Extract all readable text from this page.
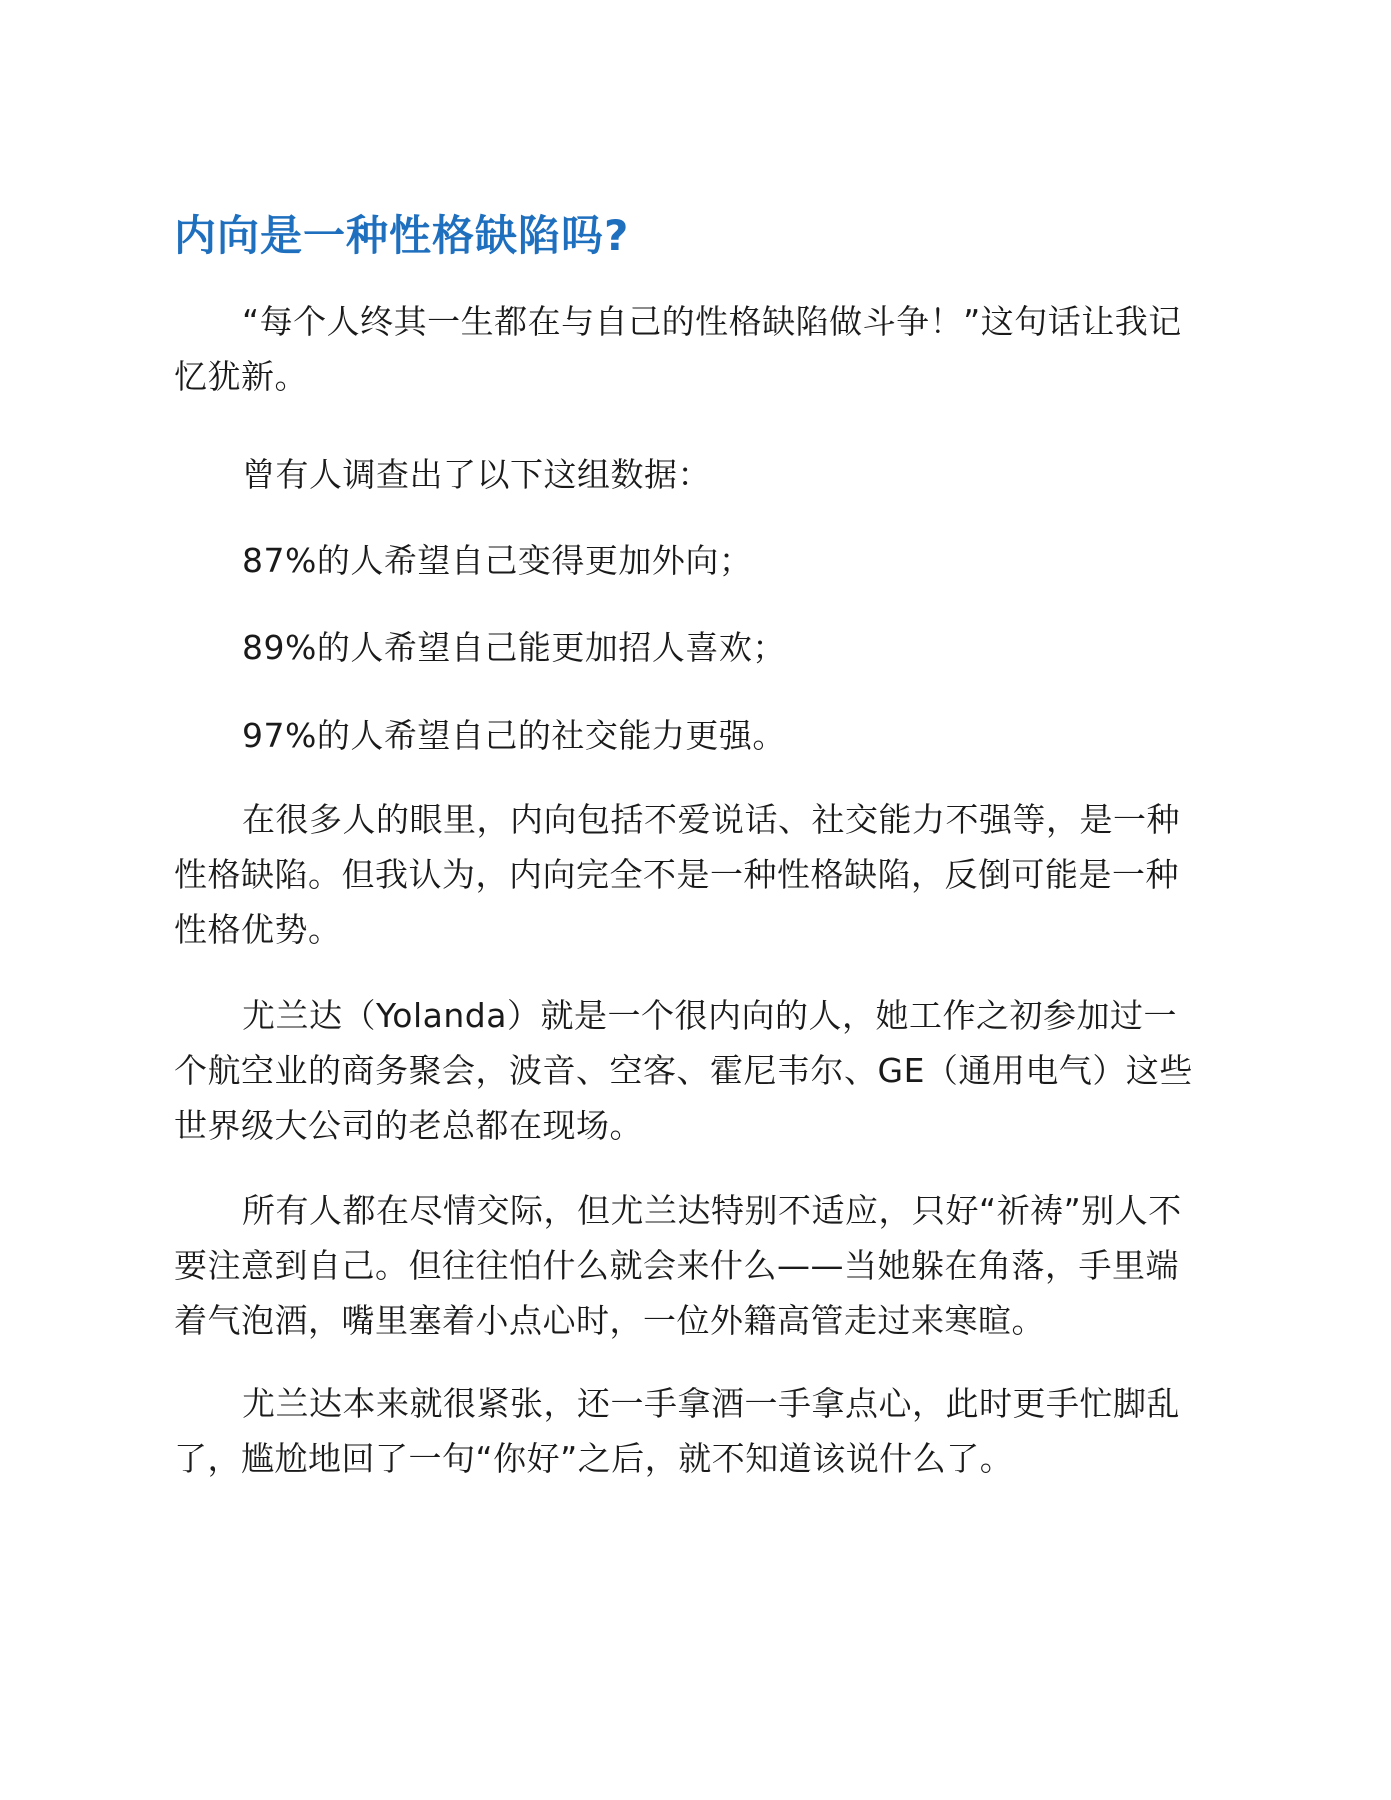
内向是一种性格缺陷吗?

“每个人终其一生都在与自己的性格缺陷做斗争！”这句话让我记忆犹新。

曾有人调查出了以下这组数据：

87%的人希望自己变得更加外向；

89%的人希望自己能更加招人喜欢；

97%的人希望自己的社交能力更强。

在很多人的眼里，内向包括不爱说话、社交能力不强等，是一种性格缺陷。但我认为，内向完全不是一种性格缺陷，反倒可能是一种性格优势。

尤兰达（Yolanda）就是一个很内向的人，她工作之初参加过一个航空业的商务聚会，波音、空客、霍尼韦尔、GE（通用电气）这些世界级大公司的老总都在现场。

所有人都在尽情交际，但尤兰达特别不适应，只好“祈祷”别人不要注意到自己。但往往怕什么就会来什么——当她躲在角落，手里端着气泡酒，嘴里塞着小点心时，一位外籍高管走过来寒暄。

尤兰达本来就很紧张，还一手拿酒一手拿点心，此时更手忙脚乱了，尴尬地回了一句“你好”之后，就不知道该说什么了。
